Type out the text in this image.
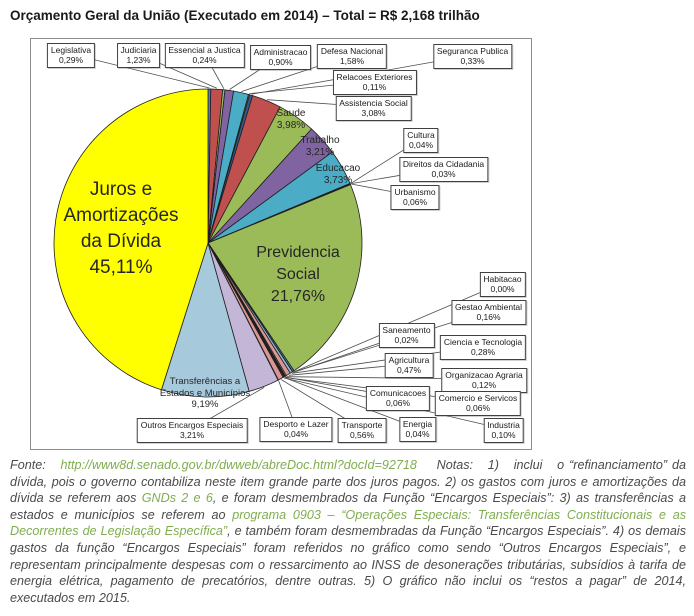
Orçamento Geral da União (Executado em 2014) – Total = R$ 2,168 trilhão
Legislativa
0,29%
Judiciaria
1,23%
Essencial a Justica
0,24%
Administracao
0,90%
Defesa Nacional
1,58%
Relacoes Exteriores
0,11%
Seguranca Publica
0,33%
Assistencia Social
3,08%
Cultura
0,04%
Direitos da Cidadania
0,03%
Urbanismo
0,06%
Habitacao
0,00%
Gestao Ambiental
0,16%
Saneamento
0,02%	Ciencia e Tecnologia
0,28%
Agricultura
0,47%	Organizacao Agraria
0,12%
Comunicacoes
0,06%
Comercio e Servicos
0,06%
Energia
0,04%
Industria
0,10%
Transporte
0,56%
Desporto e Lazer
0,04%
Outros Encargos Especiais
3,21%
Saude
3,98%
Trabalho
3,21%
Educacao
3,73%
Previdencia
Social
21,76%
Transferências a
Estados e Municípios
9,19%
Juros e
Amortizações
da Dívida
45,11%

Fonte:   http://www8d.senado.gov.br/dwweb/abreDoc.html?docId=92718    Notas:   1)   inclui   o “refinanciamento” da dívida, pois o governo contabiliza neste item grande parte dos juros pagos. 2) os gastos com juros e amortizações da dívida se referem aos GNDs 2 e 6, e foram desmembrados da Função “Encargos Especiais”: 3) as transferências a estados e municípios se referem ao programa 0903 – “Operações Especiais: Transferências Constitucionais e as Decorrentes de Legislação Específica”, e também foram desmembradas da Função “Encargos Especiais”. 4) os demais gastos da função “Encargos Especiais” foram referidos no gráfico como sendo “Outros Encargos Especiais”, e representam principalmente despesas com o ressarcimento ao INSS de desonerações tributárias, subsídios à tarifa de energia elétrica, pagamento de precatórios, dentre outras. 5) O gráfico não inclui os “restos a pagar” de 2014, executados em 2015.
